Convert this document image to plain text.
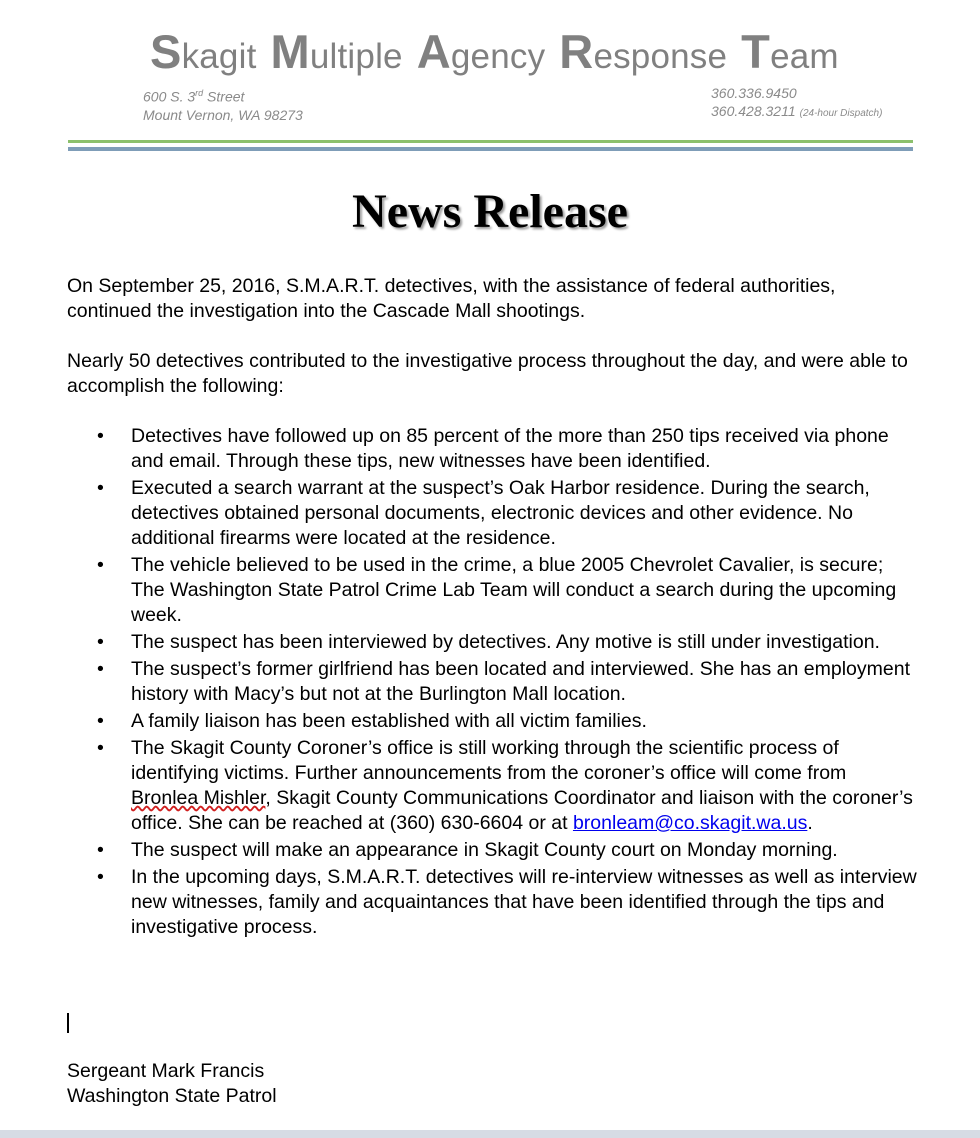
Skagit Multiple Agency Response Team
600 S. 3rd Street
Mount Vernon, WA 98273
360.336.9450
360.428.3211 (24-hour Dispatch)
News Release

On September 25, 2016, S.M.A.R.T. detectives, with the assistance of federal authorities, continued the investigation into the Cascade Mall shootings.

Nearly 50 detectives contributed to the investigative process throughout the day, and were able to accomplish the following:

• Detectives have followed up on 85 percent of the more than 250 tips received via phone and email. Through these tips, new witnesses have been identified.
• Executed a search warrant at the suspect’s Oak Harbor residence. During the search, detectives obtained personal documents, electronic devices and other evidence. No additional firearms were located at the residence.
• The vehicle believed to be used in the crime, a blue 2005 Chevrolet Cavalier, is secure; The Washington State Patrol Crime Lab Team will conduct a search during the upcoming week.
• The suspect has been interviewed by detectives. Any motive is still under investigation.
• The suspect’s former girlfriend has been located and interviewed. She has an employment history with Macy’s but not at the Burlington Mall location.
• A family liaison has been established with all victim families.
• The Skagit County Coroner’s office is still working through the scientific process of identifying victims. Further announcements from the coroner’s office will come from Bronlea Mishler, Skagit County Communications Coordinator and liaison with the coroner’s office. She can be reached at (360) 630-6604 or at bronleam@co.skagit.wa.us.
• The suspect will make an appearance in Skagit County court on Monday morning.
• In the upcoming days, S.M.A.R.T. detectives will re-interview witnesses as well as interview new witnesses, family and acquaintances that have been identified through the tips and investigative process.
Sergeant Mark Francis
Washington State Patrol
